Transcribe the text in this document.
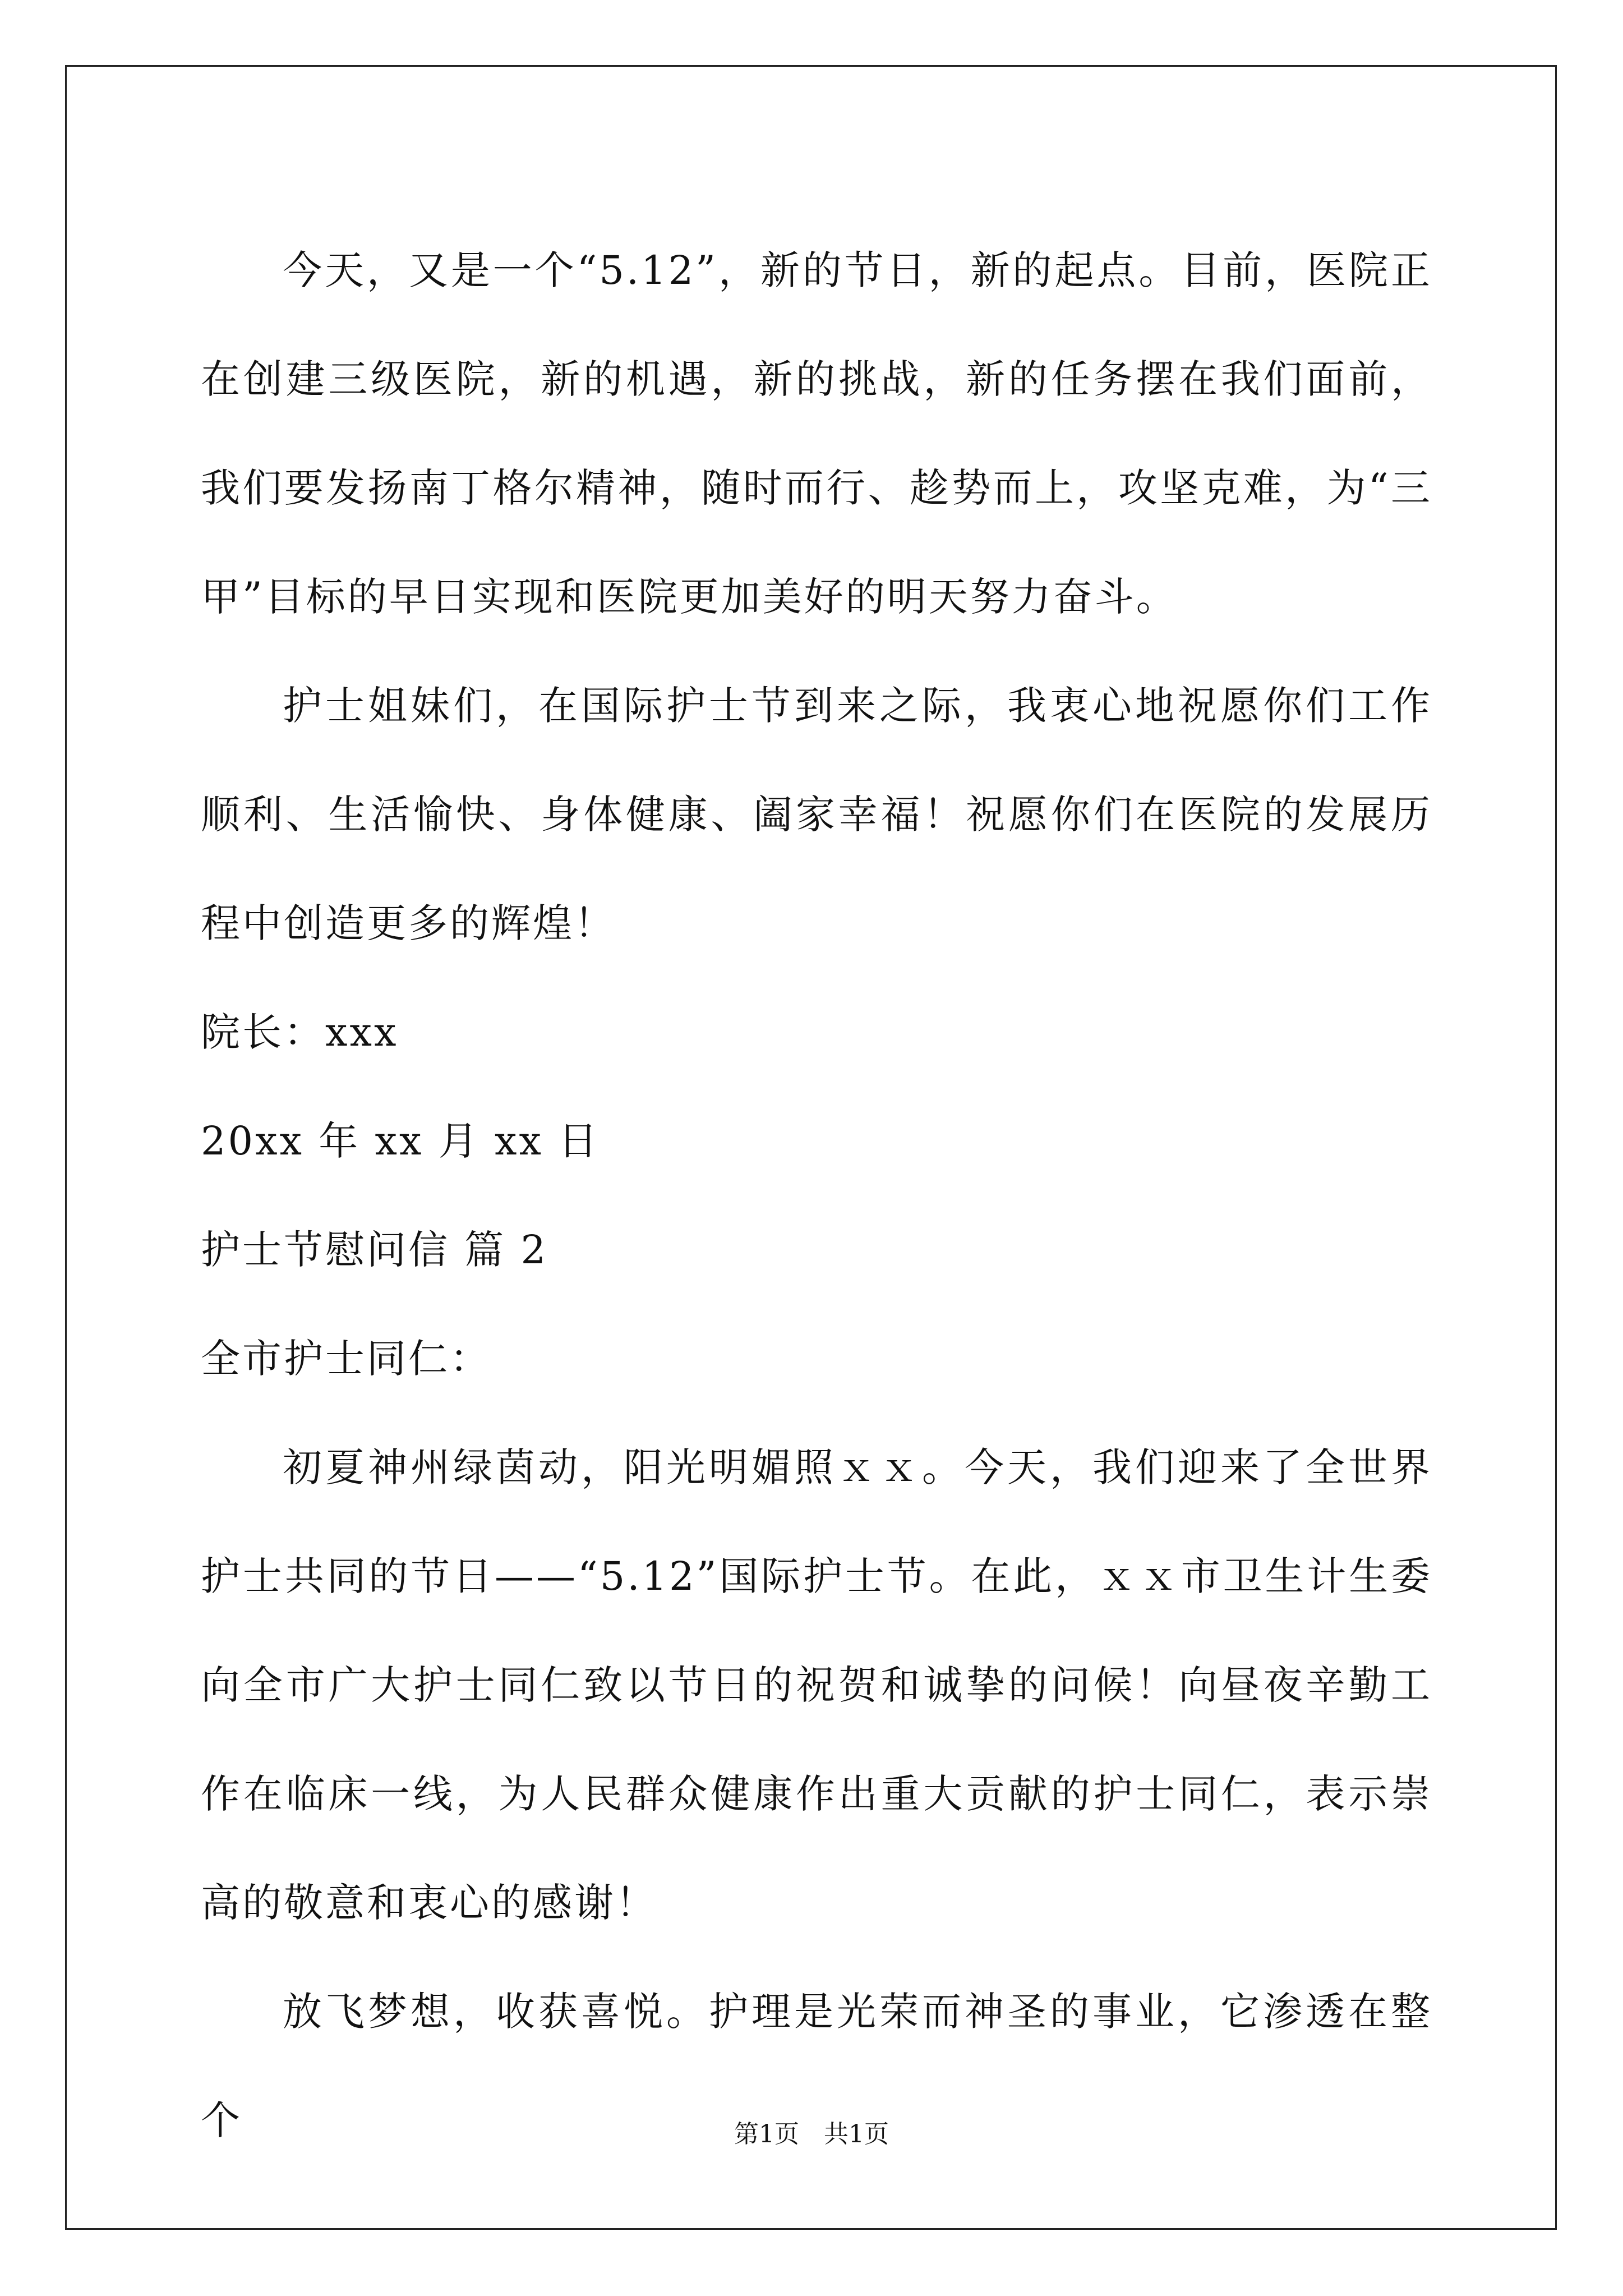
今天，又是一个“5.12”，新的节日，新的起点。目前，医院正在创建三级医院，新的机遇，新的挑战，新的任务摆在我们面前，我们要发扬南丁格尔精神，随时而行、趁势而上，攻坚克难，为“三甲”目标的早日实现和医院更加美好的明天努力奋斗。

护士姐妹们，在国际护士节到来之际，我衷心地祝愿你们工作顺利、生活愉快、身体健康、阖家幸福！祝愿你们在医院的发展历程中创造更多的辉煌！

院长：xxx

20xx 年 xx 月 xx 日

护士节慰问信 篇 2

全市护士同仁：

初夏神州绿茵动，阳光明媚照ｘｘ。今天，我们迎来了全世界护士共同的节日——“5.12”国际护士节。在此，ｘｘ市卫生计生委向全市广大护士同仁致以节日的祝贺和诚挚的问候！向昼夜辛勤工作在临床一线，为人民群众健康作出重大贡献的护士同仁，表示崇高的敬意和衷心的感谢！

放飞梦想，收获喜悦。护理是光荣而神圣的事业，它渗透在整个	第1页　共1页
